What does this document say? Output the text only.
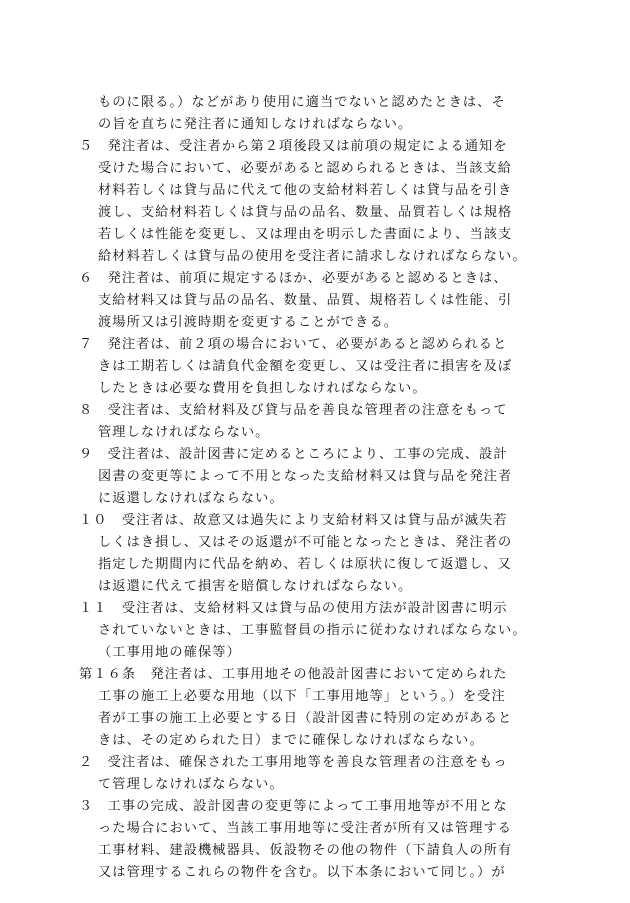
ものに限る。）などがあり使用に適当でないと認めたときは、そ
の旨を直ちに発注者に通知しなければならない。
５　発注者は、受注者から第２項後段又は前項の規定による通知を
受けた場合において、必要があると認められるときは、当該支給
材料若しくは貸与品に代えて他の支給材料若しくは貸与品を引き
渡し、支給材料若しくは貸与品の品名、数量、品質若しくは規格
若しくは性能を変更し、又は理由を明示した書面により、当該支
給材料若しくは貸与品の使用を受注者に請求しなければならない。
６　発注者は、前項に規定するほか、必要があると認めるときは、
支給材料又は貸与品の品名、数量、品質、規格若しくは性能、引
渡場所又は引渡時期を変更することができる。
７　発注者は、前２項の場合において、必要があると認められると
きは工期若しくは請負代金額を変更し、又は受注者に損害を及ぼ
したときは必要な費用を負担しなければならない。
８　受注者は、支給材料及び貸与品を善良な管理者の注意をもって
管理しなければならない。
９　受注者は、設計図書に定めるところにより、工事の完成、設計
図書の変更等によって不用となった支給材料又は貸与品を発注者
に返還しなければならない。
１０　受注者は、故意又は過失により支給材料又は貸与品が滅失若
しくはき損し、又はその返還が不可能となったときは、発注者の
指定した期間内に代品を納め、若しくは原状に復して返還し、又
は返還に代えて損害を賠償しなければならない。
１１　受注者は、支給材料又は貸与品の使用方法が設計図書に明示
されていないときは、工事監督員の指示に従わなければならない。
（工事用地の確保等）
第１６条　発注者は、工事用地その他設計図書において定められた
工事の施工上必要な用地（以下「工事用地等」という。）を受注
者が工事の施工上必要とする日（設計図書に特別の定めがあると
きは、その定められた日）までに確保しなければならない。
２　受注者は、確保された工事用地等を善良な管理者の注意をもっ
て管理しなければならない。
３　工事の完成、設計図書の変更等によって工事用地等が不用とな
った場合において、当該工事用地等に受注者が所有又は管理する
工事材料、建設機械器具、仮設物その他の物件（下請負人の所有
又は管理するこれらの物件を含む。以下本条において同じ。）が
